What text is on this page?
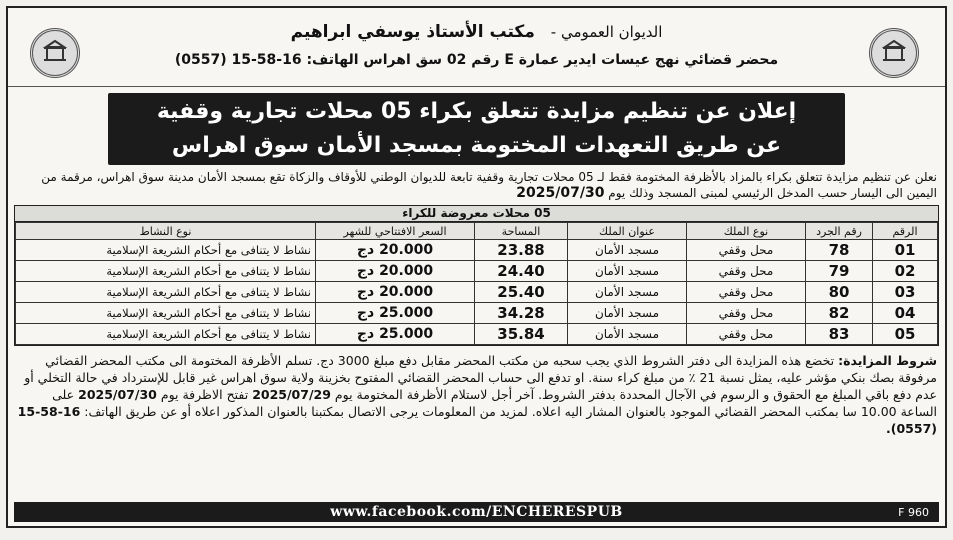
الديوان العمومي - مكتب الأستاذ يوسفي ابراهيم
محضر قضائي نهج عيسات ايدير عمارة E رقم 02 سق اهراس الهاتف: 16-58-15 (0557)
إعلان عن تنظيم مزايدة تتعلق بكراء 05 محلات تجارية وقفية
عن طريق التعهدات المختومة بمسجد الأمان سوق اهراس
نعلن عن تنظيم مزايدة تتعلق بكراء بالمزاد بالأظرفة المختومة فقط لـ 05 محلات تجارية وقفية تابعة للديوان الوطني للأوقاف والزكاة تقع بمسجد الأمان مدينة سوق اهراس، مرقمة من اليمين الى اليسار حسب المدخل الرئيسي لمبنى المسجد وذلك يوم 2025/07/30
05 محلات معروضة للكراء
الرقم	رقم الجرد	نوع الملك	عنوان الملك	المساحة	السعر الافتتاحي للشهر	نوع النشاط
01	78	محل وقفي	مسجد الأمان	23.88	20.000 دج	نشاط لا يتنافى مع أحكام الشريعة الإسلامية
02	79	محل وقفي	مسجد الأمان	24.40	20.000 دج	نشاط لا يتنافى مع أحكام الشريعة الإسلامية
03	80	محل وقفي	مسجد الأمان	25.40	20.000 دج	نشاط لا يتنافى مع أحكام الشريعة الإسلامية
04	82	محل وقفي	مسجد الأمان	34.28	25.000 دج	نشاط لا يتنافى مع أحكام الشريعة الإسلامية
05	83	محل وقفي	مسجد الأمان	35.84	25.000 دج	نشاط لا يتنافى مع أحكام الشريعة الإسلامية
شروط المزايدة: تخضع هذه المزايدة الى دفتر الشروط الذي يجب سحبه من مكتب المحضر مقابل دفع مبلغ 3000 دج. تسلم الأظرفة المختومة الى مكتب المحضر القضائي مرفوقة بصك بنكي مؤشر عليه، يمثل نسبة 21 ٪ من مبلغ كراء سنة. او تدفع الى حساب المحضر القضائي المفتوح بخزينة ولاية سوق اهراس غير قابل للإسترداد في حالة التخلي أو عدم دفع باقي المبلغ مع الحقوق و الرسوم في الآجال المحددة بدفتر الشروط. آخر أجل لاستلام الأظرفة المختومة يوم 2025/07/29 تفتح الاظرفة يوم 2025/07/30 على الساعة 10.00 سا بمكتب المحضر القضائي الموجود بالعنوان المشار اليه اعلاه. لمزيد من المعلومات يرجى الاتصال بمكتبنا بالعنوان المذكور اعلاه أو عن طريق الهاتف: 16-58-15 (0557).
www.facebook.com/ENCHERESPUB	F 960
